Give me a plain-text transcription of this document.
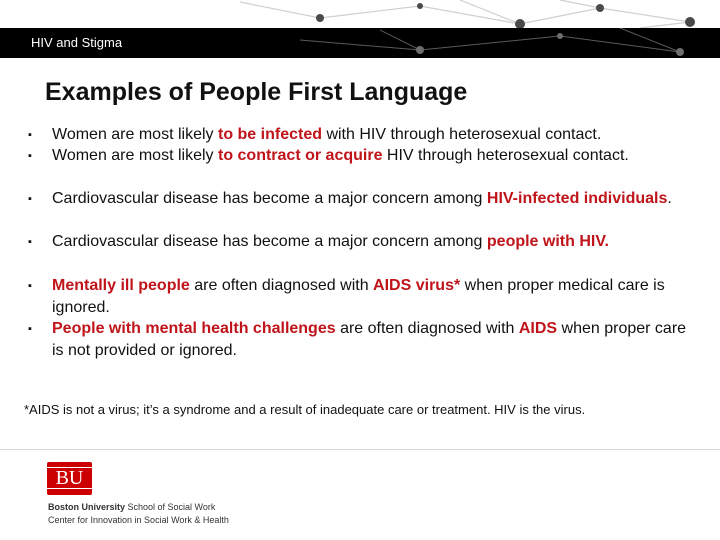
HIV and Stigma
Examples of People First Language
▪ Women are most likely to be infected with HIV through heterosexual contact.
▪ Women are most likely to contract or acquire HIV through heterosexual contact.
▪ Cardiovascular disease has become a major concern among HIV-infected individuals.
▪ Cardiovascular disease has become a major concern among people with HIV.
▪ Mentally ill people are often diagnosed with AIDS virus* when proper medical care is ignored.
▪ People with mental health challenges are often diagnosed with AIDS when proper care is not provided or ignored.
*AIDS is not a virus; it’s a syndrome and a result of inadequate care or treatment. HIV is the virus.
BU
Boston University School of Social Work
Center for Innovation in Social Work & Health
